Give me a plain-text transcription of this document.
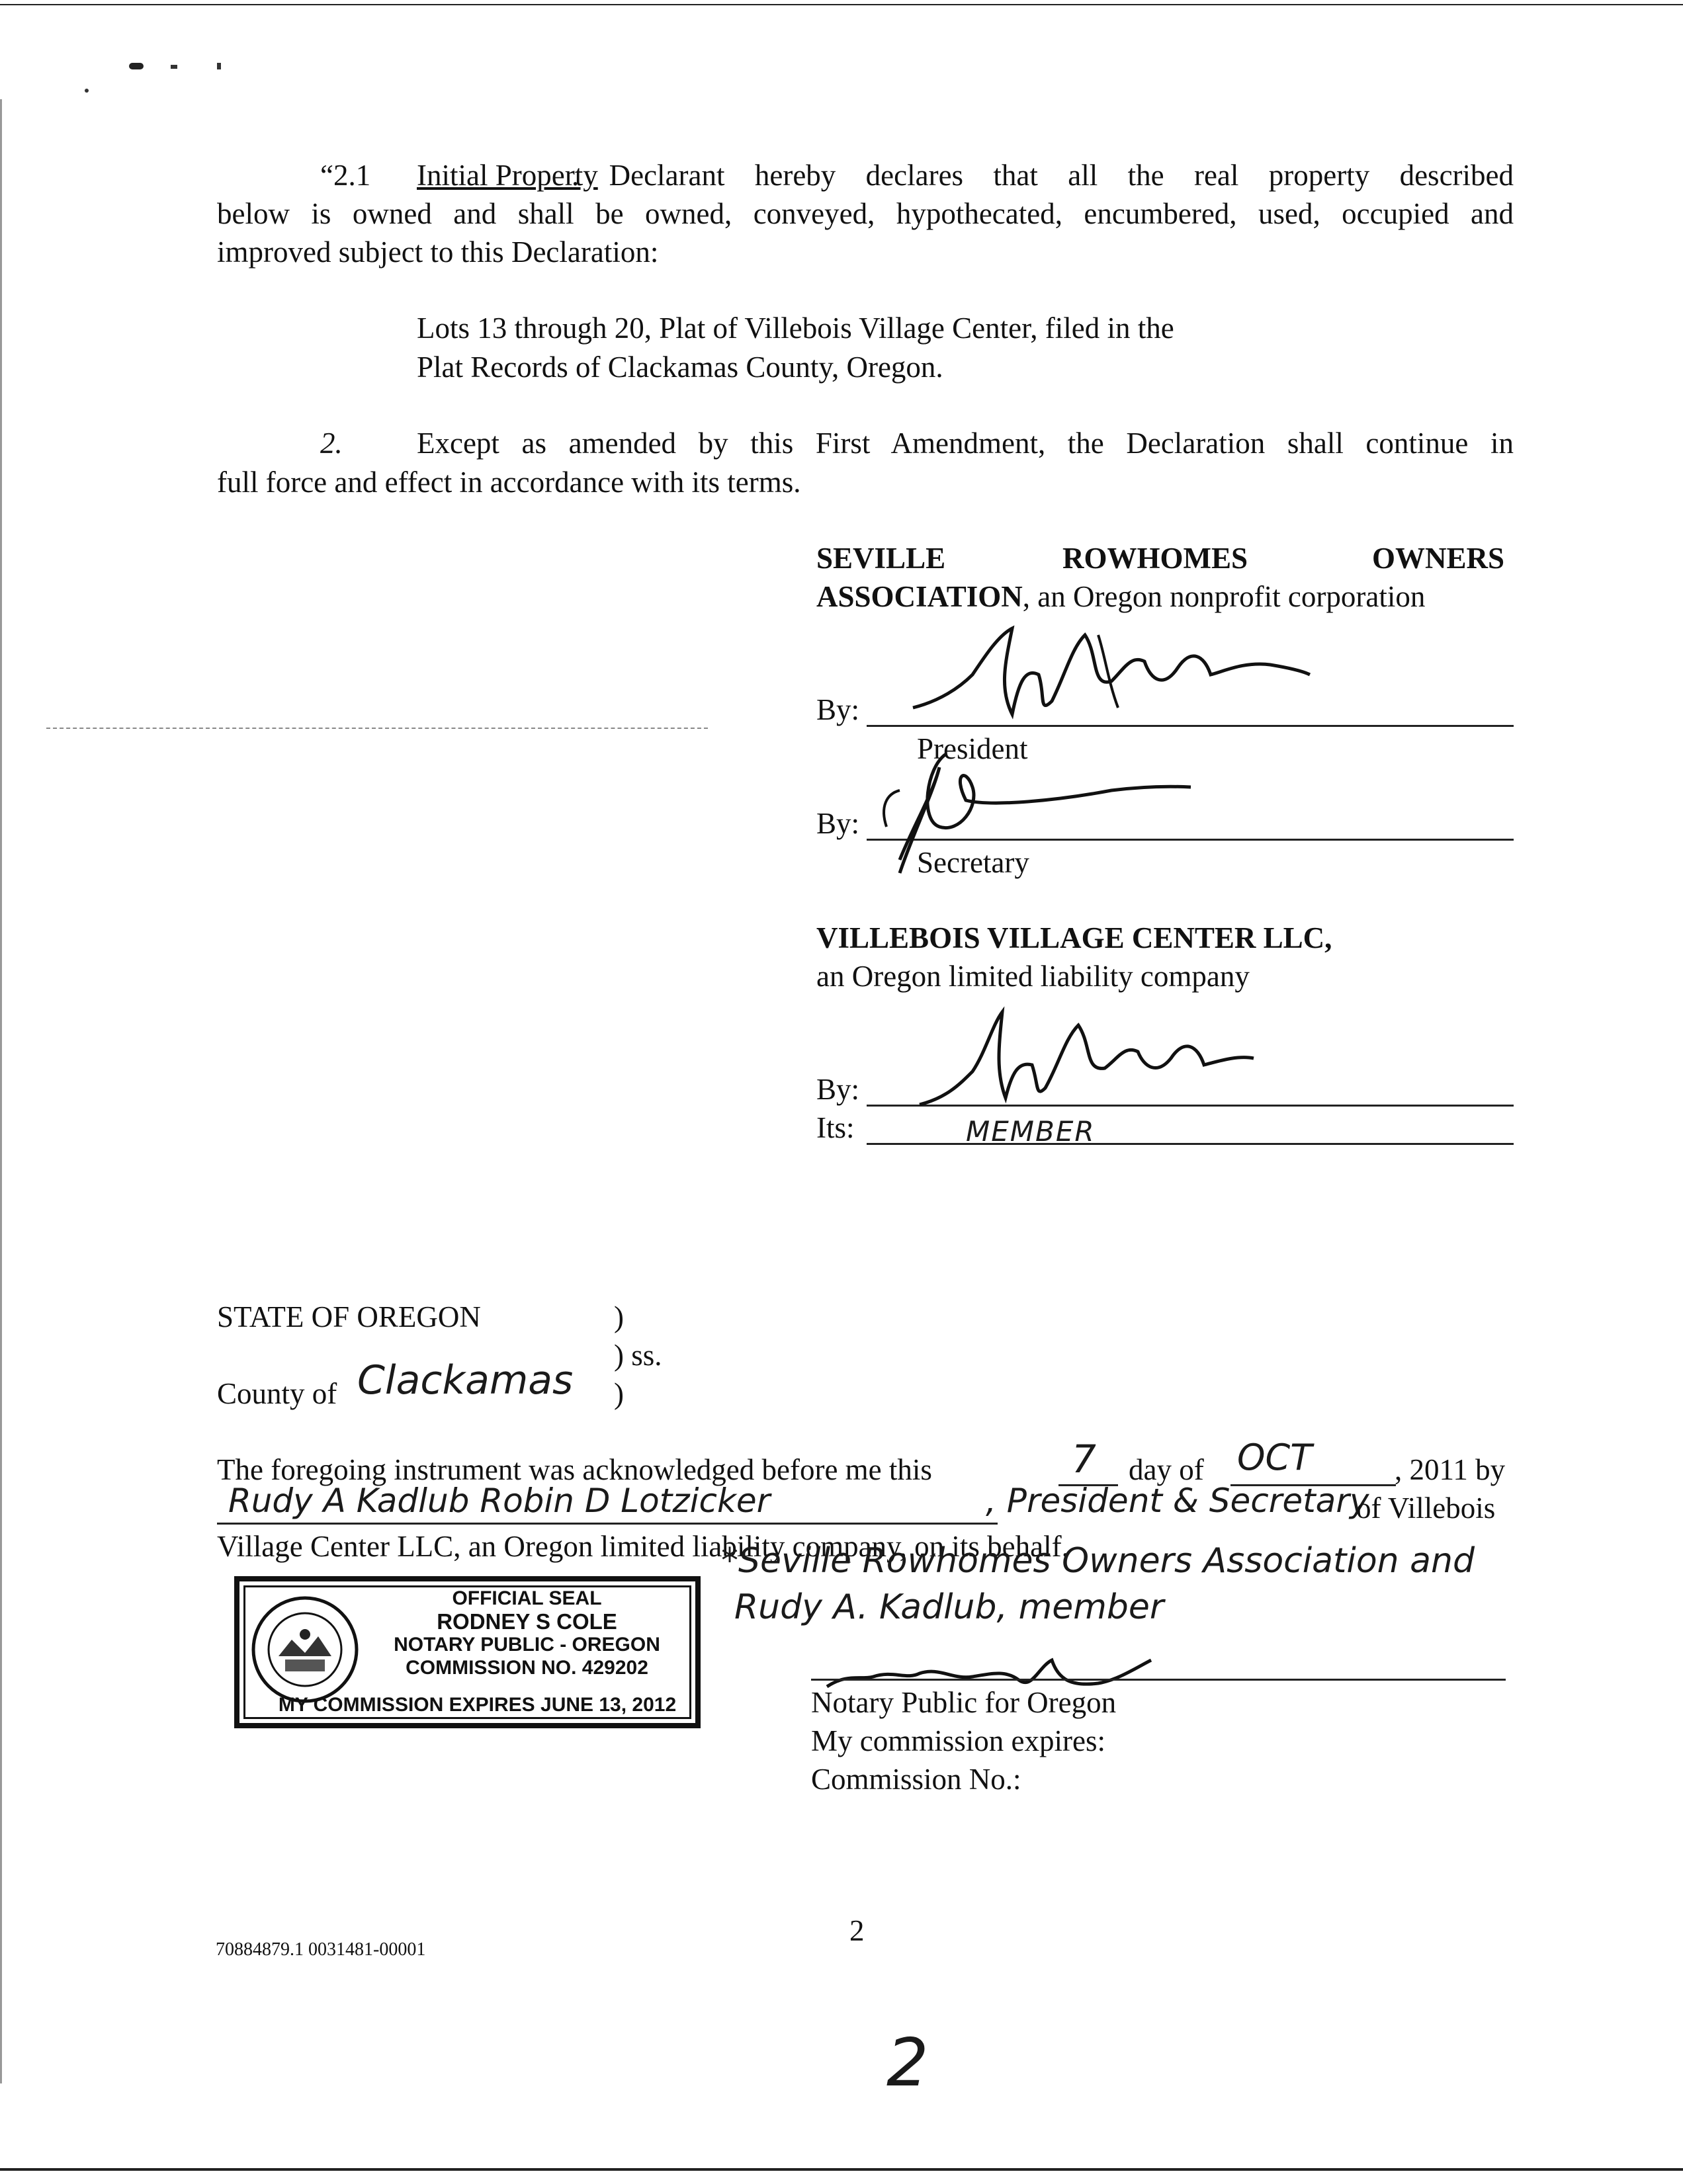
“2.1 Initial Property
. Declarant hereby declares that all the real property described
below is owned and shall be owned, conveyed, hypothecated, encumbered, used, occupied and
improved subject to this Declaration:
Lots 13 through 20, Plat of Villebois Village Center, filed in the
Plat Records of Clackamas County, Oregon.
2. Except as amended by this First Amendment, the Declaration shall continue in
full force and effect in accordance with its terms.
SEVILLE	ROWHOMES	OWNERS
ASSOCIATION, an Oregon nonprofit corporation
By:
President
By:
Secretary
VILLEBOIS VILLAGE CENTER LLC,
an Oregon limited liability company
By:
Its:	MEMBER
STATE OF OREGON	)
) ss.
)
County of Clackamas
The foregoing instrument was acknowledged before me this	7 day of OCT	, 2011 by
Rudy A Kadlub Robin D Lotzicker	, President & Secretary
of Villebois
Village Center LLC, an Oregon limited liability company, on its behalf.
*Seville Rowhomes Owners Association and
Rudy A. Kadlub, member
Notary Public for Oregon
My commission expires:
Commission No.:
OFFICIAL SEAL
RODNEY S COLE
NOTARY PUBLIC - OREGON
COMMISSION NO. 429202
MY COMMISSION EXPIRES JUNE 13, 2012
2
70884879.1 0031481-00001
2
